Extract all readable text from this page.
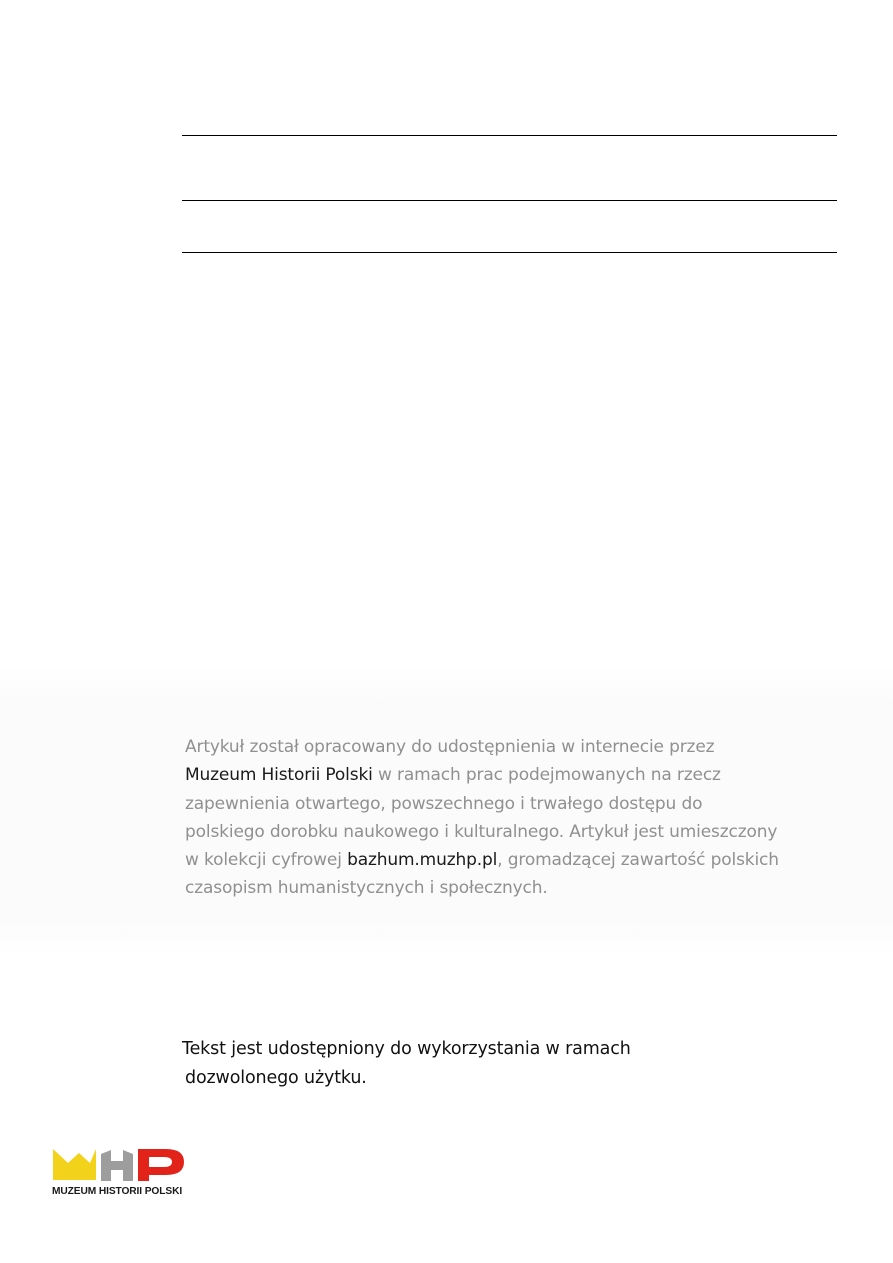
Artykuł został opracowany do udostępnienia w internecie przez
Muzeum Historii Polski w ramach prac podejmowanych na rzecz
zapewnienia otwartego, powszechnego i trwałego dostępu do
polskiego dorobku naukowego i kulturalnego. Artykuł jest umieszczony
w kolekcji cyfrowej bazhum.muzhp.pl, gromadzącej zawartość polskich
czasopism humanistycznych i społecznych.
Tekst jest udostępniony do wykorzystania w ramach
dozwolonego użytku.
MUZEUM HISTORII POLSKI
